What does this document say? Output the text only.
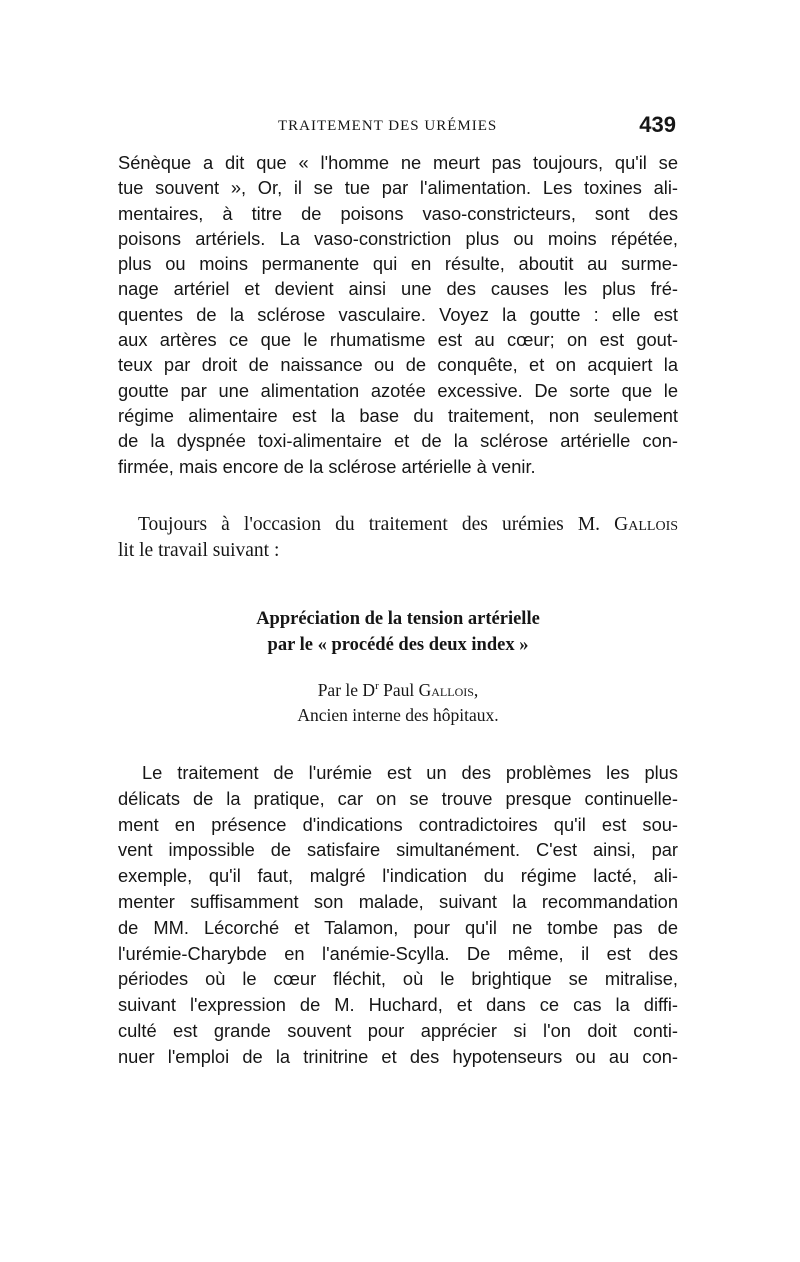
TRAITEMENT DES URÉMIES	439
Sénèque a dit que « l'homme ne meurt pas toujours, qu'il se
tue souvent », Or, il se tue par l'alimentation. Les toxines ali-
mentaires, à titre de poisons vaso-constricteurs, sont des
poisons artériels. La vaso-constriction plus ou moins répétée,
plus ou moins permanente qui en résulte, aboutit au surme-
nage artériel et devient ainsi une des causes les plus fré-
quentes de la sclérose vasculaire. Voyez la goutte : elle est
aux artères ce que le rhumatisme est au cœur; on est gout-
teux par droit de naissance ou de conquête, et on acquiert la
goutte par une alimentation azotée excessive. De sorte que le
régime alimentaire est la base du traitement, non seulement
de la dyspnée toxi-alimentaire et de la sclérose artérielle con-
firmée, mais encore de la sclérose artérielle à venir.
Toujours à l'occasion du traitement des urémies M. Gallois
lit le travail suivant :
Appréciation de la tension artérielle
par le « procédé des deux index »
Par le $D^r$ Paul Gallois,
Ancien interne des hôpitaux.
Le traitement de l'urémie est un des problèmes les plus
délicats de la pratique, car on se trouve presque continuelle-
ment en présence d'indications contradictoires qu'il est sou-
vent impossible de satisfaire simultanément. C'est ainsi, par
exemple, qu'il faut, malgré l'indication du régime lacté, ali-
menter suffisamment son malade, suivant la recommandation
de MM. Lécorché et Talamon, pour qu'il ne tombe pas de
l'urémie-Charybde en l'anémie-Scylla. De même, il est des
périodes où le cœur fléchit, où le brightique se mitralise,
suivant l'expression de M. Huchard, et dans ce cas la diffi-
culté est grande souvent pour apprécier si l'on doit conti-
nuer l'emploi de la trinitrine et des hypotenseurs ou au con-
